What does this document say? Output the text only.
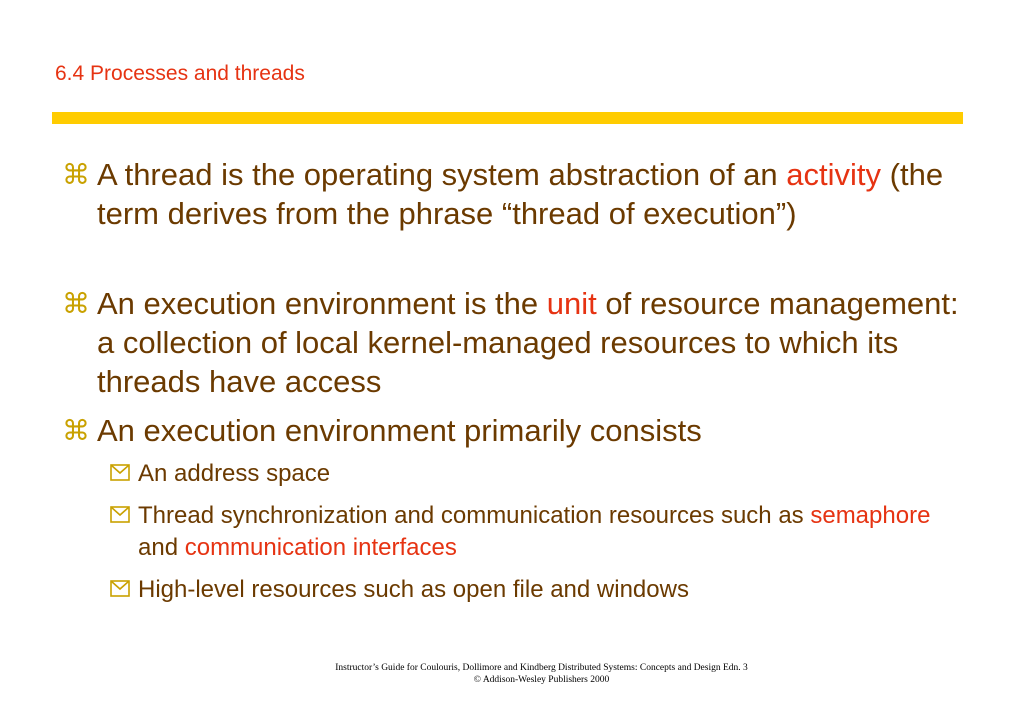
6.4 Processes and threads
⌘ A thread is the operating system abstraction of an activity (the term derives from the phrase “thread of execution”)
⌘ An execution environment is the unit of resource management: a collection of local kernel-managed resources to which its threads have access
⌘ An execution environment primarily consists
An address space
Thread synchronization and communication resources such as semaphore and communication interfaces
High-level resources such as open file and windows
Instructor’s Guide for Coulouris, Dollimore and Kindberg Distributed Systems: Concepts and Design Edn. 3
© Addison-Wesley Publishers 2000
